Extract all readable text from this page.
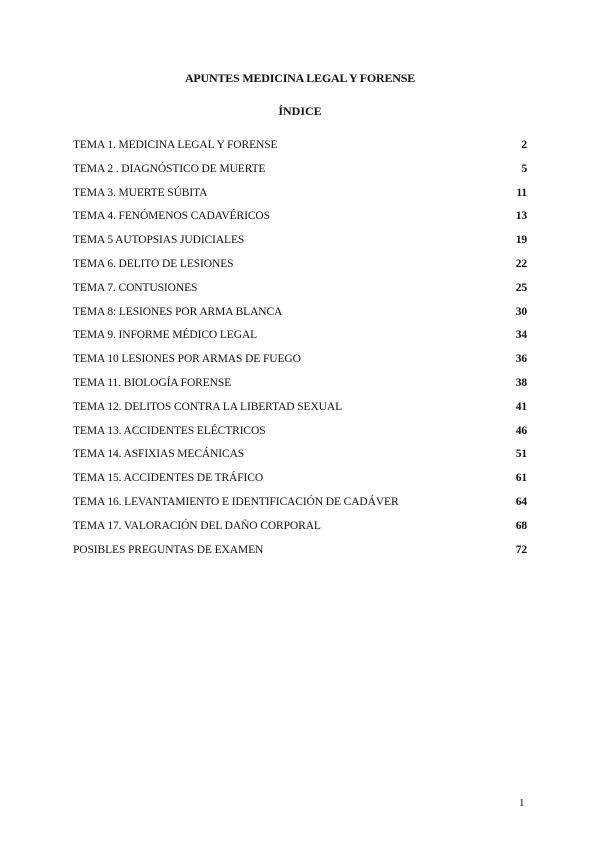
APUNTES MEDICINA LEGAL Y FORENSE
ÍNDICE
TEMA 1. MEDICINA LEGAL Y FORENSE	2
TEMA 2 . DIAGNÓSTICO DE MUERTE	5
TEMA 3. MUERTE SÚBITA	11
TEMA 4. FENÓMENOS CADAVÉRICOS	13
TEMA 5 AUTOPSIAS JUDICIALES	19
TEMA 6. DELITO DE LESIONES	22
TEMA 7. CONTUSIONES	25
TEMA 8: LESIONES POR ARMA BLANCA	30
TEMA 9. INFORME MÉDICO LEGAL	34
TEMA 10 LESIONES POR ARMAS DE FUEGO	36
TEMA 11. BIOLOGÍA FORENSE	38
TEMA 12. DELITOS CONTRA LA LIBERTAD SEXUAL	41
TEMA 13. ACCIDENTES ELÉCTRICOS	46
TEMA 14. ASFIXIAS MECÁNICAS	51
TEMA 15. ACCIDENTES DE TRÁFICO	61
TEMA 16. LEVANTAMIENTO E IDENTIFICACIÓN DE CADÁVER	64
TEMA 17. VALORACIÓN DEL DAÑO CORPORAL	68
POSIBLES PREGUNTAS DE EXAMEN	72
1
